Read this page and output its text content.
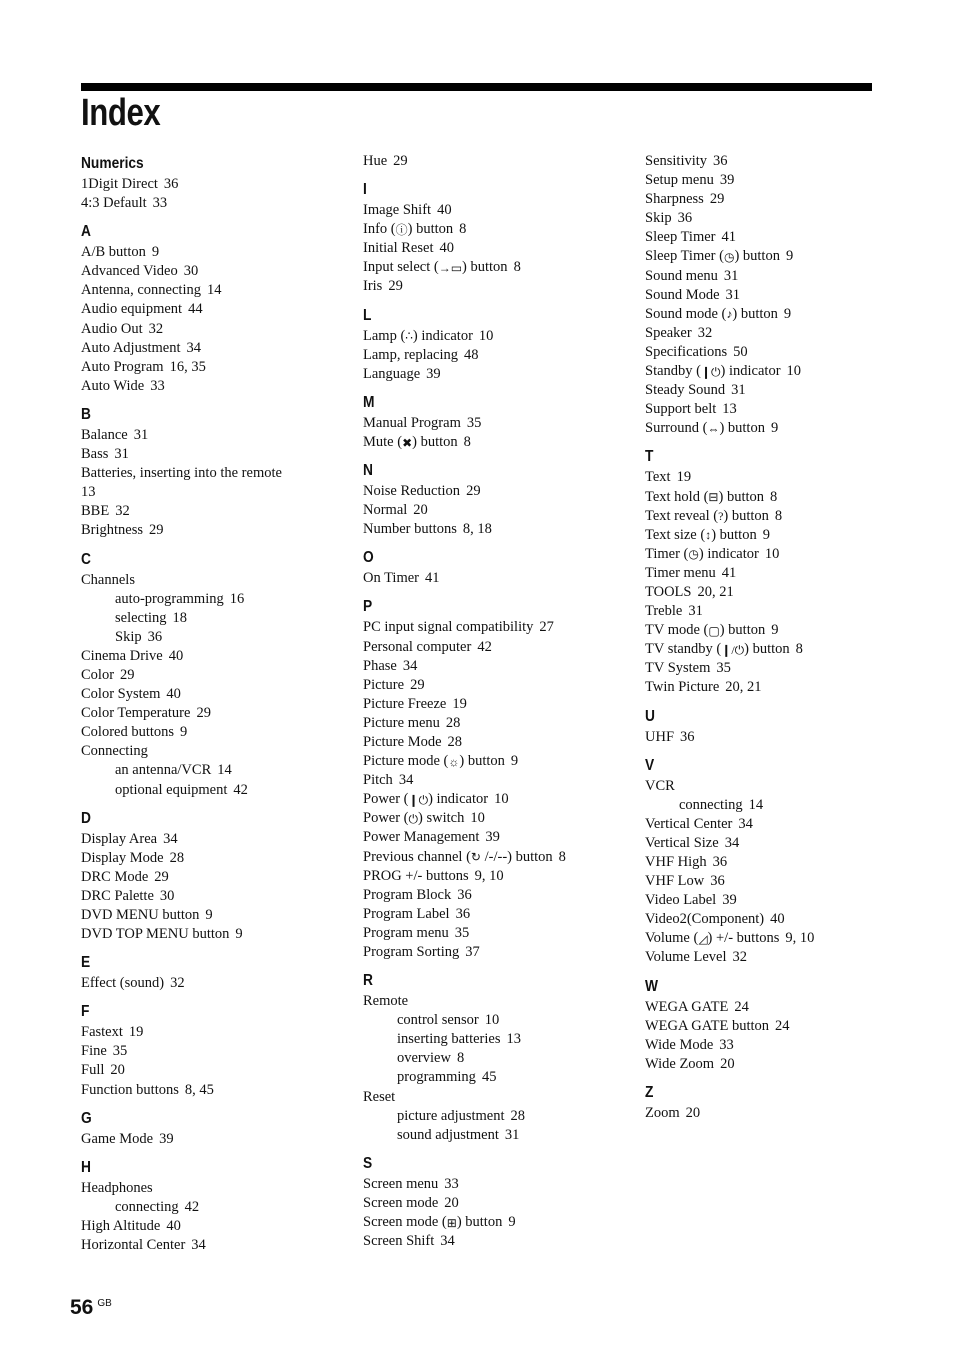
Index
Numerics
1Digit Direct 36
4:3 Default 33
A
A/B button 9
Advanced Video 30
Antenna, connecting 14
Audio equipment 44
Audio Out 32
Auto Adjustment 34
Auto Program 16, 35
Auto Wide 33
B
Balance 31
Bass 31
Batteries, inserting into the remote
13
BBE 32
Brightness 29
C
Channels
auto-programming 16
selecting 18
Skip 36
Cinema Drive 40
Color 29
Color System 40
Color Temperature 29
Colored buttons 9
Connecting
an antenna/VCR 14
optional equipment 42
D
Display Area 34
Display Mode 28
DRC Mode 29
DRC Palette 30
DVD MENU button 9
DVD TOP MENU button 9
E
Effect (sound) 32
F
Fastext 19
Fine 35
Full 20
Function buttons 8, 45
G
Game Mode 39
H
Headphones
connecting 42
High Altitude 40
Horizontal Center 34
Hue 29
I
Image Shift 40
Info (ⓘ) button 8
Initial Reset 40
Input select (→▭) button 8
Iris 29
L
Lamp (∴) indicator 10
Lamp, replacing 48
Language 39
M
Manual Program 35
Mute (✖) button 8
N
Noise Reduction 29
Normal 20
Number buttons 8, 18
O
On Timer 41
P
PC input signal compatibility 27
Personal computer 42
Phase 34
Picture 29
Picture Freeze 19
Picture menu 28
Picture Mode 28
Picture mode (☼) button 9
Pitch 34
Power (❙⏻) indicator 10
Power (⏻) switch 10
Power Management 39
Previous channel (↻ /-/--) button 8
PROG +/- buttons 9, 10
Program Block 36
Program Label 36
Program menu 35
Program Sorting 37
R
Remote
control sensor 10
inserting batteries 13
overview 8
programming 45
Reset
picture adjustment 28
sound adjustment 31
S
Screen menu 33
Screen mode 20
Screen mode (⊞) button 9
Screen Shift 34
Sensitivity 36
Setup menu 39
Sharpness 29
Skip 36
Sleep Timer 41
Sleep Timer (◷) button 9
Sound menu 31
Sound Mode 31
Sound mode (♪) button 9
Speaker 32
Specifications 50
Standby (❙⏻) indicator 10
Steady Sound 31
Support belt 13
Surround (⇔) button 9
T
Text 19
Text hold (⊟) button 8
Text reveal (?) button 8
Text size (↕) button 9
Timer (◷) indicator 10
Timer menu 41
TOOLS 20, 21
Treble 31
TV mode (▢) button 9
TV standby (❙/⏻) button 8
TV System 35
Twin Picture 20, 21
U
UHF 36
V
VCR
connecting 14
Vertical Center 34
Vertical Size 34
VHF High 36
VHF Low 36
Video Label 39
Video2(Component) 40
Volume (◿) +/- buttons 9, 10
Volume Level 32
W
WEGA GATE 24
WEGA GATE button 24
Wide Mode 33
Wide Zoom 20
Z
Zoom 20
56 $^{GB}$
